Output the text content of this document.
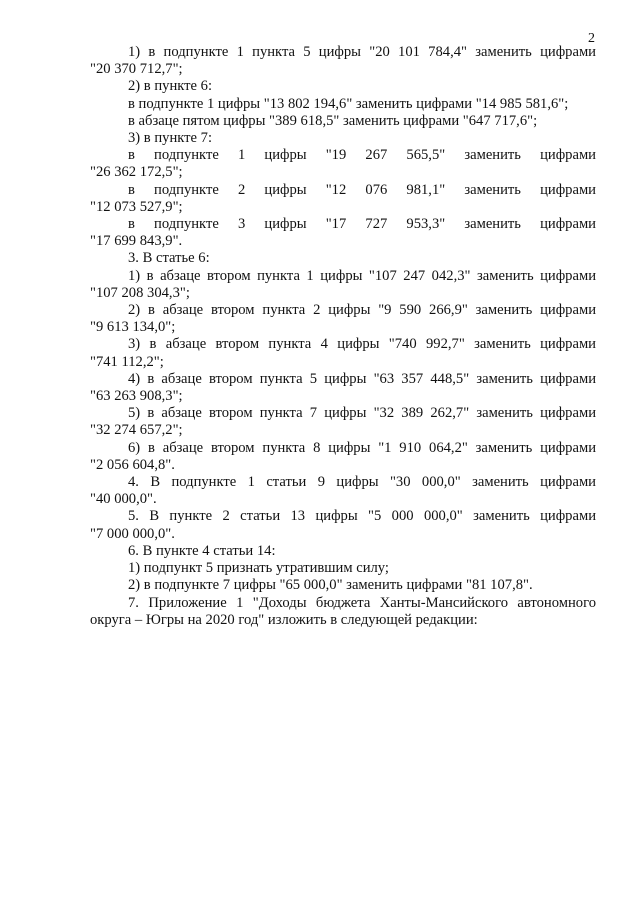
2
1) в подпункте 1 пункта 5 цифры "20 101 784,4" заменить цифрами
"20 370 712,7";
2) в пункте 6:
в подпункте 1 цифры "13 802 194,6" заменить цифрами "14 985 581,6";
в абзаце пятом цифры "389 618,5" заменить цифрами "647 717,6";
3) в пункте 7:
в подпункте 1 цифры "19 267 565,5" заменить цифрами
"26 362 172,5";
в подпункте 2 цифры "12 076 981,1" заменить цифрами
"12 073 527,9";
в подпункте 3 цифры "17 727 953,3" заменить цифрами
"17 699 843,9".
3. В статье 6:
1) в абзаце втором пункта 1 цифры "107 247 042,3" заменить цифрами
"107 208 304,3";
2) в абзаце втором пункта 2 цифры "9 590 266,9" заменить цифрами
"9 613 134,0";
3) в абзаце втором пункта 4 цифры "740 992,7" заменить цифрами
"741 112,2";
4) в абзаце втором пункта 5 цифры "63 357 448,5" заменить цифрами
"63 263 908,3";
5) в абзаце втором пункта 7 цифры "32 389 262,7" заменить цифрами
"32 274 657,2";
6) в абзаце втором пункта 8 цифры "1 910 064,2" заменить цифрами
"2 056 604,8".
4. В подпункте 1 статьи 9 цифры "30 000,0" заменить цифрами
"40 000,0".
5. В пункте 2 статьи 13 цифры "5 000 000,0" заменить цифрами
"7 000 000,0".
6. В пункте 4 статьи 14:
1) подпункт 5 признать утратившим силу;
2) в подпункте 7 цифры "65 000,0" заменить цифрами "81 107,8".
7. Приложение 1 "Доходы бюджета Ханты-Мансийского автономного
округа – Югры на 2020 год" изложить в следующей редакции:
